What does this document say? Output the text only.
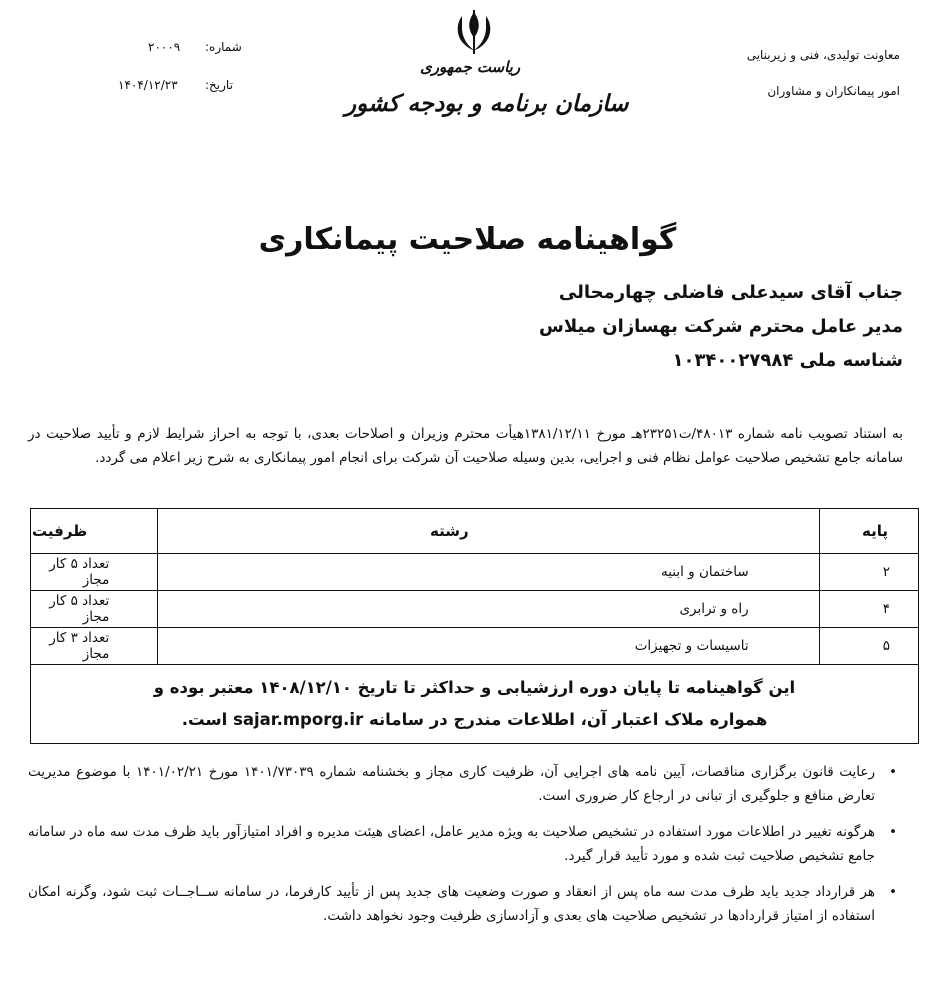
معاونت تولیدی، فنی و زیربنایی
امور پیمانکاران و مشاوران
ریاست جمهوری
سازمان برنامه و بودجه کشور
شماره:
۲۰۰۰۹
تاریخ:
۱۴۰۴/۱۲/۲۳
گواهینامه صلاحیت پیمانکاری
جناب آقای سیدعلی فاضلی چهارمحالی
مدیر عامل محترم شرکت بهسازان میلاس
شناسه ملی ۱۰۳۴۰۰۲۷۹۸۴
به استناد تصویب نامه شماره ۴۸۰۱۳/ت۲۳۲۵۱هـ مورخ ۱۳۸۱/۱۲/۱۱هیأت محترم وزیران و اصلاحات بعدی، با توجه به احراز شرایط لازم و تأیید صلاحیت در سامانه جامع تشخیص صلاحیت عوامل نظام فنی و اجرایی، بدین وسیله صلاحیت آن شرکت برای انجام امور پیمانکاری به شرح زیر اعلام می گردد.
پایه	رشته	ظرفیت
۲	ساختمان و ابنیه	تعداد ۵ کار مجاز
۴	راه و ترابری	تعداد ۵ کار مجاز
۵	تاسیسات و تجهیزات	تعداد ۳ کار مجاز

این گواهینامه تا پایان دوره ارزشیابی و حداکثر تا تاریخ ۱۴۰۸/۱۲/۱۰ معتبر بوده و
همواره ملاک اعتبار آن، اطلاعات مندرج در سامانه sajar.mporg.ir است.		
•
رعایت قانون برگزاری مناقصات، آیین نامه های اجرایی آن، ظرفیت کاری مجاز و بخشنامه شماره ۱۴۰۱/۷۳۰۳۹ مورخ ۱۴۰۱/۰۲/۲۱ با موضوع مدیریت تعارض منافع و جلوگیری از تبانی در ارجاع کار ضروری است.
•
هرگونه تغییر در اطلاعات مورد استفاده در تشخیص صلاحیت به ویژه مدیر عامل، اعضای هیئت مدیره و افراد امتیازآور باید ظرف مدت سه ماه در سامانه جامع تشخیص صلاحیت ثبت شده و مورد تأیید قرار گیرد.
•
هر قرارداد جدید باید ظرف مدت سه ماه پس از انعقاد و صورت وضعیت های جدید پس از تأیید کارفرما، در سامانه ســاجــات ثبت شود، وگرنه امکان استفاده از امتیاز قراردادها در تشخیص صلاحیت های بعدی و آزادسازی ظرفیت وجود نخواهد داشت.
